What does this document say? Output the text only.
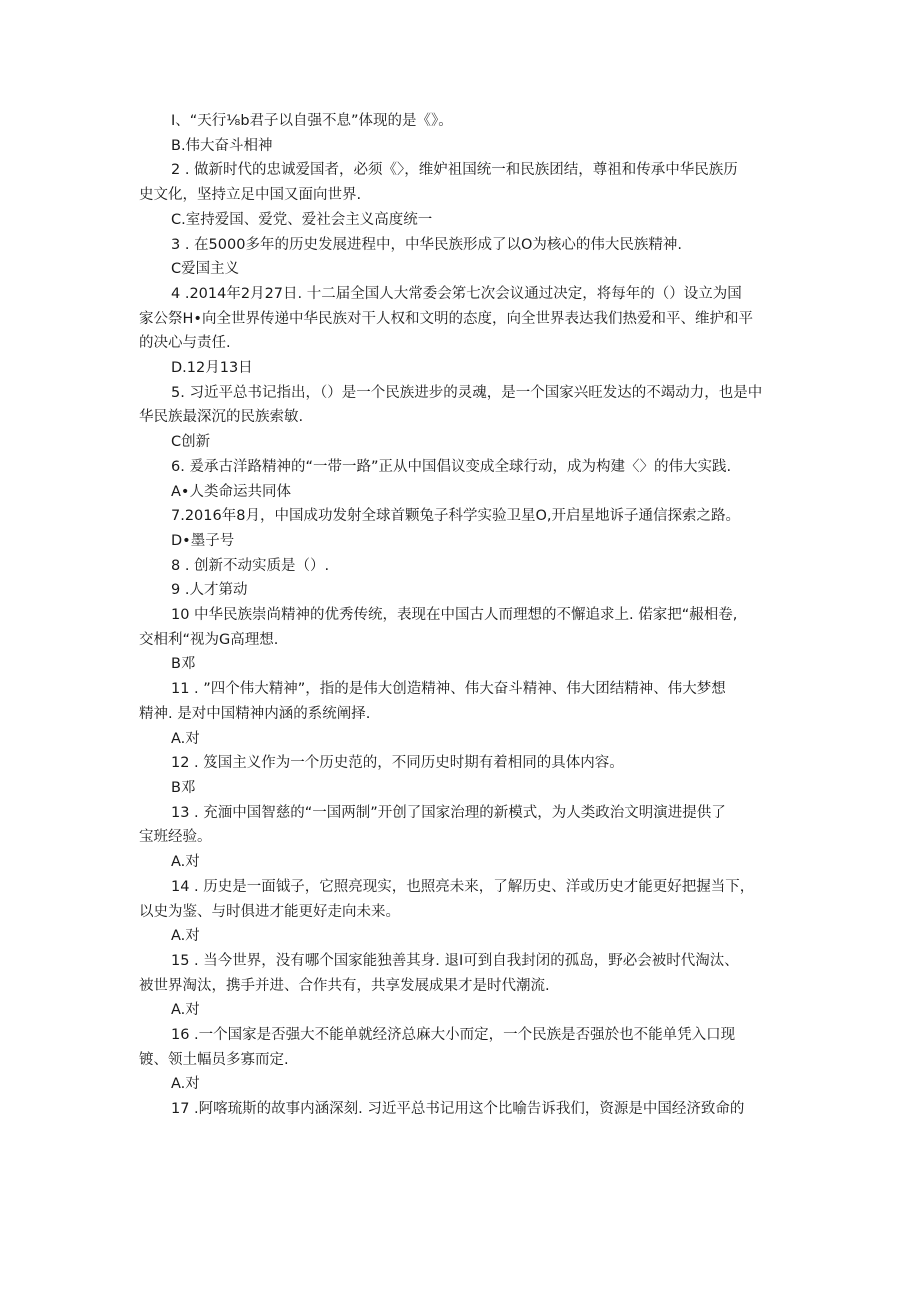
I、“天行⅛b君子以自强不息”体现的是《》。
B.伟大奋斗相神
2 . 做新时代的忠诚爱国者，必须《〉，维妒祖国统一和民族团结，尊祖和传承中华民族历
史文化，坚持立足中国又面向世界.
C.室持爱国、爱党、爱社会主义高度统一
3 . 在5000多年的历史发展进程中，中华民族形成了以O为核心的伟大民族精神.
C爱国主义
4 .2014年2月27日. 十二届全国人大常委会笫七次会议通过决定，将每年的（）设立为国
家公祭H•向全世界传递中华民族对干人权和文明的态度，向全世界表达我们热爱和平、维护和平
的决心与责任.
D.12月13日
5. 习近平总书记指出，（）是一个民族进步的灵魂，是一个国家兴旺发达的不竭动力，也是中
华民族最深沉的民族索敏.
C创新
6. 爰承古洋路精神的“一带一路”正从中国倡议变成全球行动，成为构建〈〉的伟大实践.
A•人类命运共同体
7.2016年8月，中国成功发射全球首颗兔子科学实验卫星O,开启星地诉子通信探索之路。
D•墨子号
8 . 创新不动实质是（）.
9 .人才第动
10 中华民族崇尚精神的优秀传统，表现在中国古人而理想的不懈追求上. 偌家把“赧相卷,
交相利“视为G高理想.
B邓
11 . ”四个伟大精神”，指的是伟大创造精神、伟大奋斗精神、伟大团结精神、伟大梦想
精神. 是对中国精神内涵的系统阐择.
A.对
12 . 笈国主义作为一个历史范的，不同历史时期有着相同的具体内容。
B邓
13 . 充湎中国智慈的“一国两制”开创了国家治理的新模式，为人类政治文明演进提供了
宝班经验。
A.对
14 . 历史是一面钺子，它照亮现实，也照亮未来，了解历史、洋或历史才能更好把握当下，
以史为鉴、与时俱进才能更好走向未来。
A.对
15 . 当今世界，没有哪个国家能独善其身. 退I可到自我封闭的孤岛，野必会被时代淘汰、
被世界淘汰，携手并进、合作共有，共享发展成果才是时代潮流.
A.对
16 .一个国家是否强大不能单就经济总麻大小而定，一个民族是否强於也不能单凭入口现
镀、领土幅员多寡而定.
A.对
17 .阿喀琉斯的故事内涵深刻. 习近平总书记用这个比喻告诉我们，资源是中国经济致命的
